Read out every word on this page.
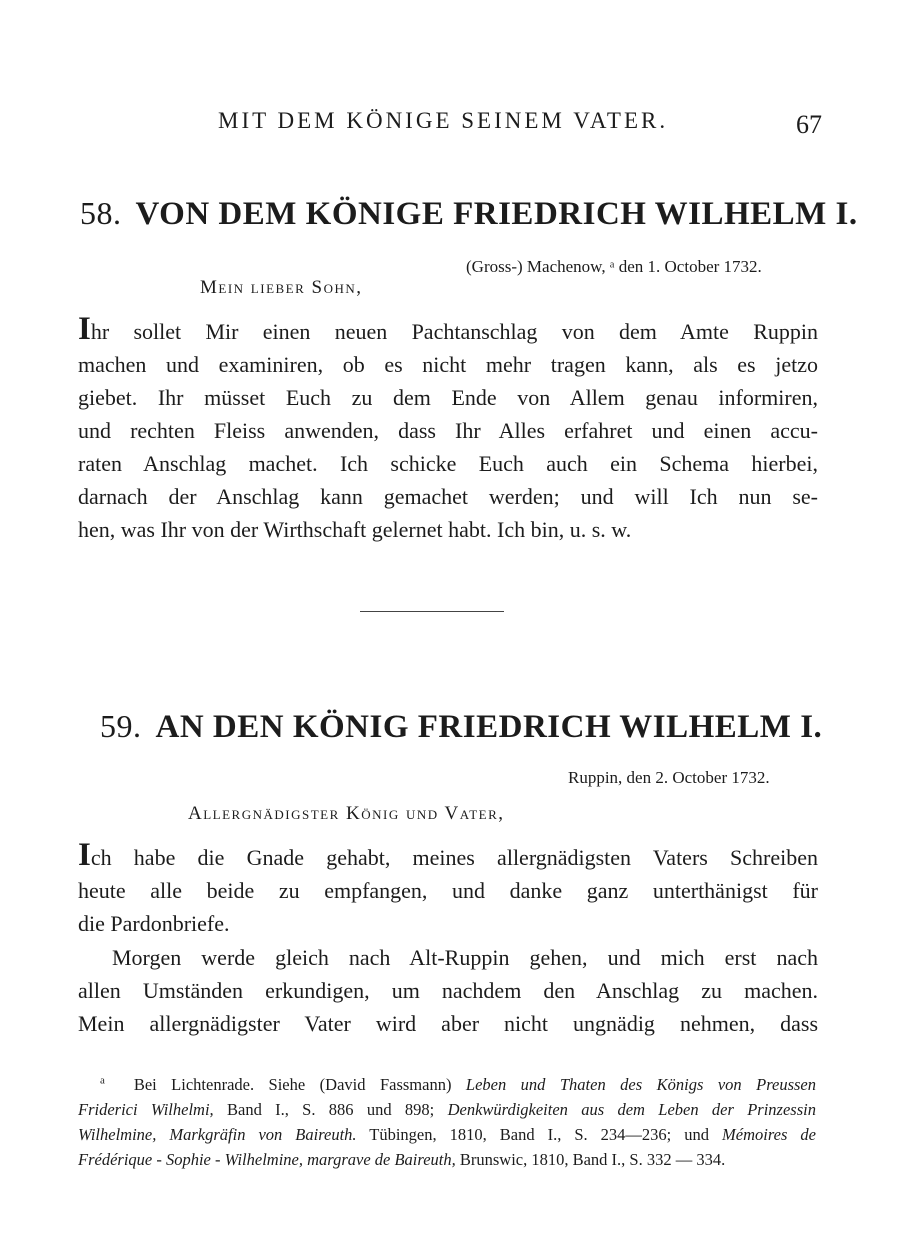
MIT DEM KÖNIGE SEINEM VATER.	67
58. VON DEM KÖNIGE FRIEDRICH WILHELM I.
(Gross-) Machenow, ᵃ den 1. October 1732.
Mein lieber Sohn,
Ihr sollet Mir einen neuen Pachtanschlag von dem Amte Ruppin
machen und examiniren, ob es nicht mehr tragen kann, als es jetzo
giebet. Ihr müsset Euch zu dem Ende von Allem genau informiren,
und rechten Fleiss anwenden, dass Ihr Alles erfahret und einen accu-
raten Anschlag machet. Ich schicke Euch auch ein Schema hierbei,
darnach der Anschlag kann gemachet werden; und will Ich nun se-
hen, was Ihr von der Wirthschaft gelernet habt. Ich bin, u. s. w.
59. AN DEN KÖNIG FRIEDRICH WILHELM I.
Ruppin, den 2. October 1732.
Allergnädigster König und Vater,
Ich habe die Gnade gehabt, meines allergnädigsten Vaters Schreiben
heute alle beide zu empfangen, und danke ganz unterthänigst für
die Pardonbriefe.
Morgen werde gleich nach Alt-Ruppin gehen, und mich erst nach
allen Umständen erkundigen, um nachdem den Anschlag zu machen.
Mein allergnädigster Vater wird aber nicht ungnädig nehmen, dass
$^a$ Bei Lichtenrade. Siehe (David Fassmann) Leben und Thaten des Königs von Preussen
Friderici Wilhelmi, Band I., S. 886 und 898; Denkwürdigkeiten aus dem Leben der Prinzessin
Wilhelmine, Markgräfin von Baireuth. Tübingen, 1810, Band I., S. 234—236; und Mémoires de
Frédérique - Sophie - Wilhelmine, margrave de Baireuth, Brunswic, 1810, Band I., S. 332 — 334.
